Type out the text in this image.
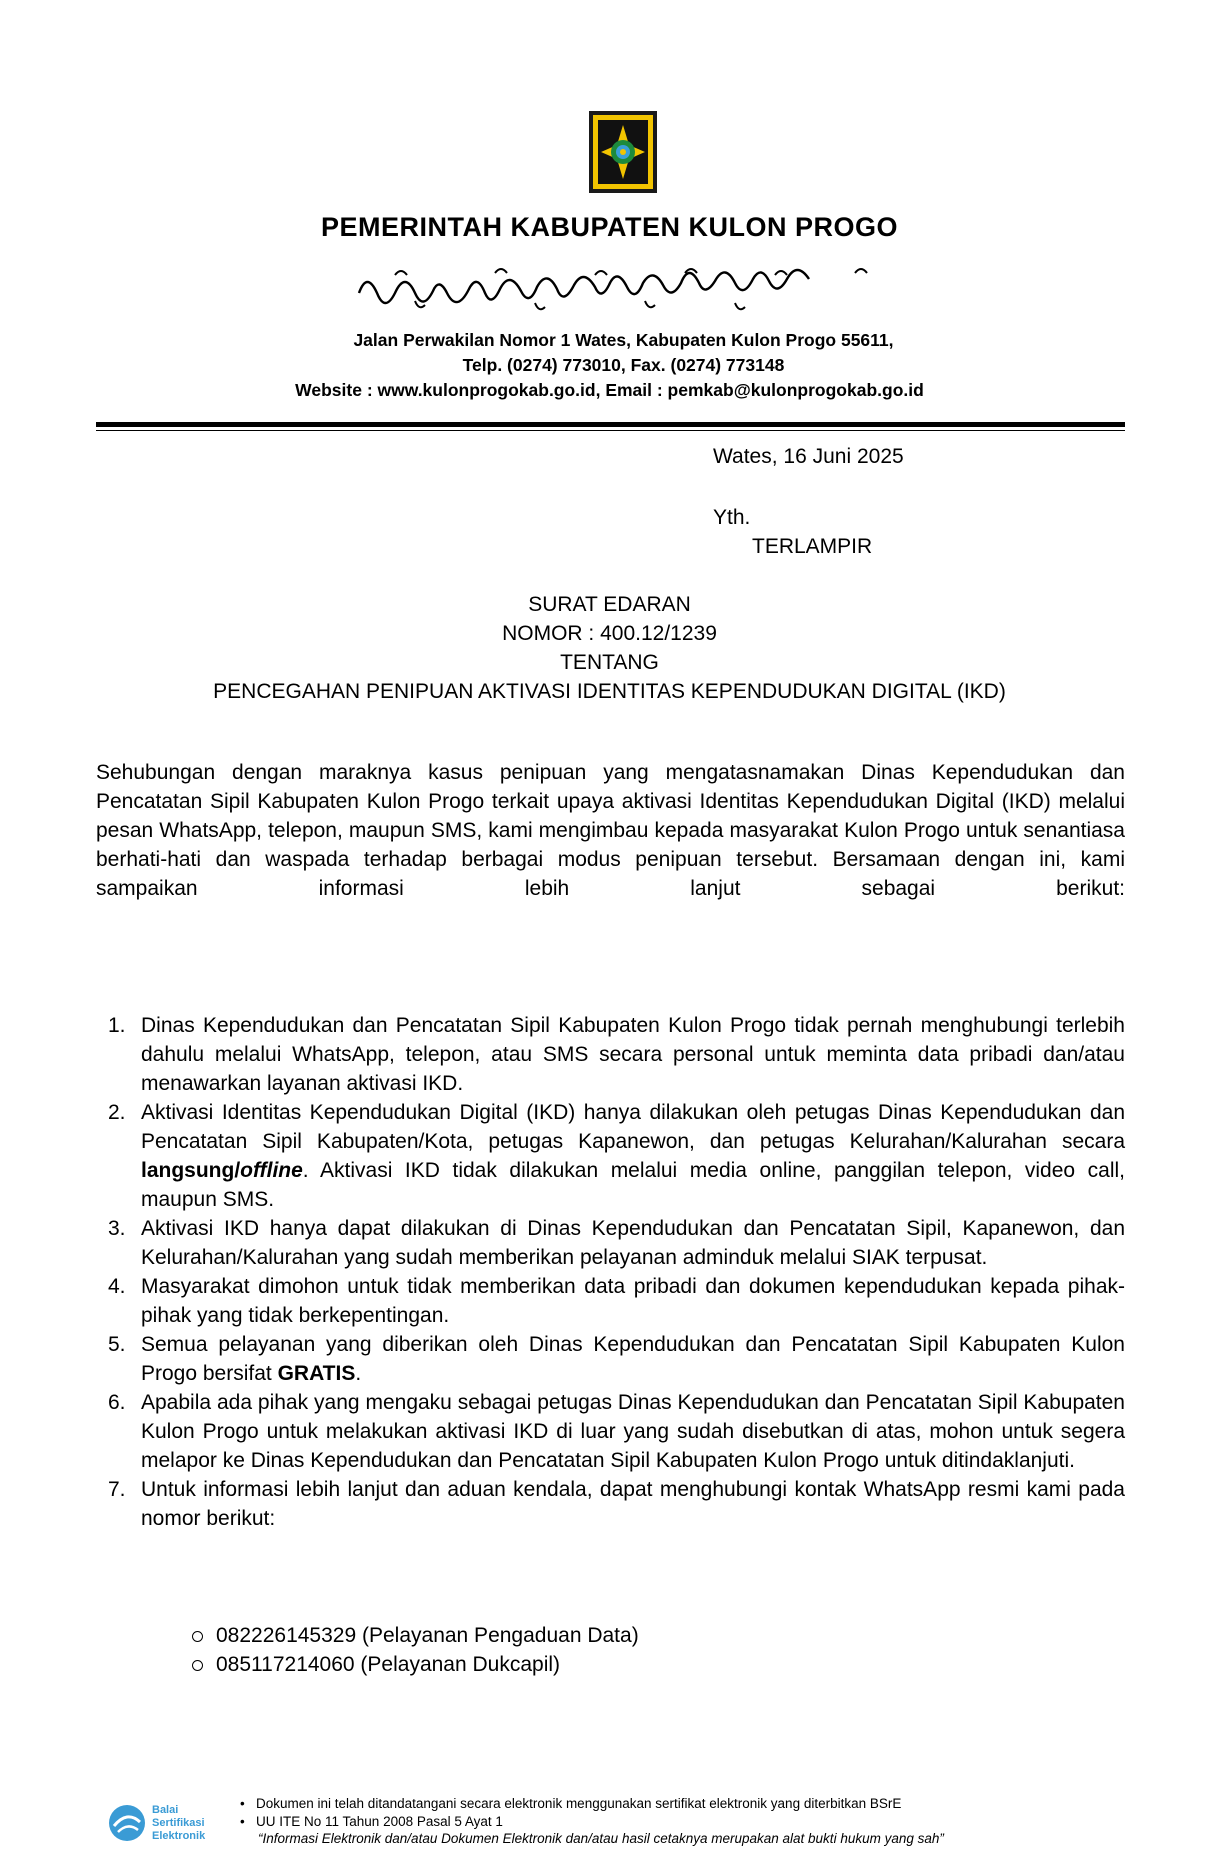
PEMERINTAH KABUPATEN KULON PROGO
Jalan Perwakilan Nomor 1 Wates, Kabupaten Kulon Progo 55611,
Telp. (0274) 773010, Fax. (0274) 773148
Website : www.kulonprogokab.go.id, Email : pemkab@kulonprogokab.go.id
Wates, 16 Juni 2025
Yth.
TERLAMPIR
SURAT EDARAN
NOMOR : 400.12/1239
TENTANG
PENCEGAHAN PENIPUAN AKTIVASI IDENTITAS KEPENDUDUKAN DIGITAL (IKD)
Sehubungan dengan maraknya kasus penipuan yang mengatasnamakan Dinas Kependudukan dan Pencatatan Sipil Kabupaten Kulon Progo terkait upaya aktivasi Identitas Kependudukan Digital (IKD) melalui pesan WhatsApp, telepon, maupun SMS, kami mengimbau kepada masyarakat Kulon Progo untuk senantiasa berhati-hati dan waspada terhadap berbagai modus penipuan tersebut. Bersamaan dengan ini, kami sampaikan informasi lebih lanjut sebagai berikut:
1. Dinas Kependudukan dan Pencatatan Sipil Kabupaten Kulon Progo tidak pernah menghubungi terlebih dahulu melalui WhatsApp, telepon, atau SMS secara personal untuk meminta data pribadi dan/atau menawarkan layanan aktivasi IKD.
2. Aktivasi Identitas Kependudukan Digital (IKD) hanya dilakukan oleh petugas Dinas Kependudukan dan Pencatatan Sipil Kabupaten/Kota, petugas Kapanewon, dan petugas Kelurahan/Kalurahan secara langsung/offline. Aktivasi IKD tidak dilakukan melalui media online, panggilan telepon, video call, maupun SMS.
3. Aktivasi IKD hanya dapat dilakukan di Dinas Kependudukan dan Pencatatan Sipil, Kapanewon, dan Kelurahan/Kalurahan yang sudah memberikan pelayanan adminduk melalui SIAK terpusat.
4. Masyarakat dimohon untuk tidak memberikan data pribadi dan dokumen kependudukan kepada pihak-pihak yang tidak berkepentingan.
5. Semua pelayanan yang diberikan oleh Dinas Kependudukan dan Pencatatan Sipil Kabupaten Kulon Progo bersifat GRATIS.
6. Apabila ada pihak yang mengaku sebagai petugas Dinas Kependudukan dan Pencatatan Sipil Kabupaten Kulon Progo untuk melakukan aktivasi IKD di luar yang sudah disebutkan di atas, mohon untuk segera melapor ke Dinas Kependudukan dan Pencatatan Sipil Kabupaten Kulon Progo untuk ditindaklanjuti.
7. Untuk informasi lebih lanjut dan aduan kendala, dapat menghubungi kontak WhatsApp resmi kami pada nomor berikut:
082226145329 (Pelayanan Pengaduan Data)
085117214060 (Pelayanan Dukcapil)
Balai
Sertifikasi
Elektronik
• Dokumen ini telah ditandatangani secara elektronik menggunakan sertifikat elektronik yang diterbitkan BSrE
• UU ITE No 11 Tahun 2008 Pasal 5 Ayat 1
“Informasi Elektronik dan/atau Dokumen Elektronik dan/atau hasil cetaknya merupakan alat bukti hukum yang sah”
